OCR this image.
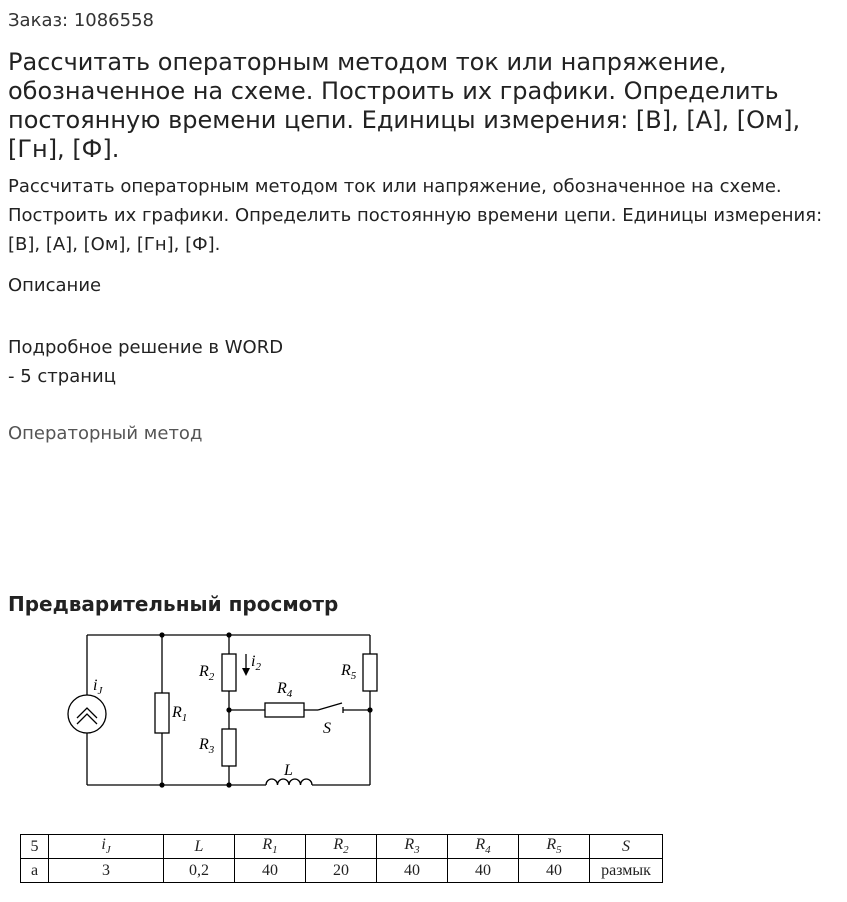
Заказ: 1086558
Рассчитать операторным методом ток или напряжение, обозначенное на схеме. Построить их графики. Определить постоянную времени цепи. Единицы измерения: [В], [А], [Ом], [Гн], [Ф].
Рассчитать операторным методом ток или напряжение, обозначенное на схеме. Построить их графики. Определить постоянную времени цепи. Единицы измерения: [В], [А], [Ом], [Гн], [Ф].
Описание
Подробное решение в WORD
- 5 страниц
Операторный метод
Предварительный просмотр
$i_J$
$R_1$
$R_2$
$i_2$
$R_3$
$R_4$
$R_5$
S
L
5	$i_J$	L	$R_1$	$R_2$	$R_3$	$R_4$	$R_5$	S
а	3	0,2	40	20	40	40	40	размык
